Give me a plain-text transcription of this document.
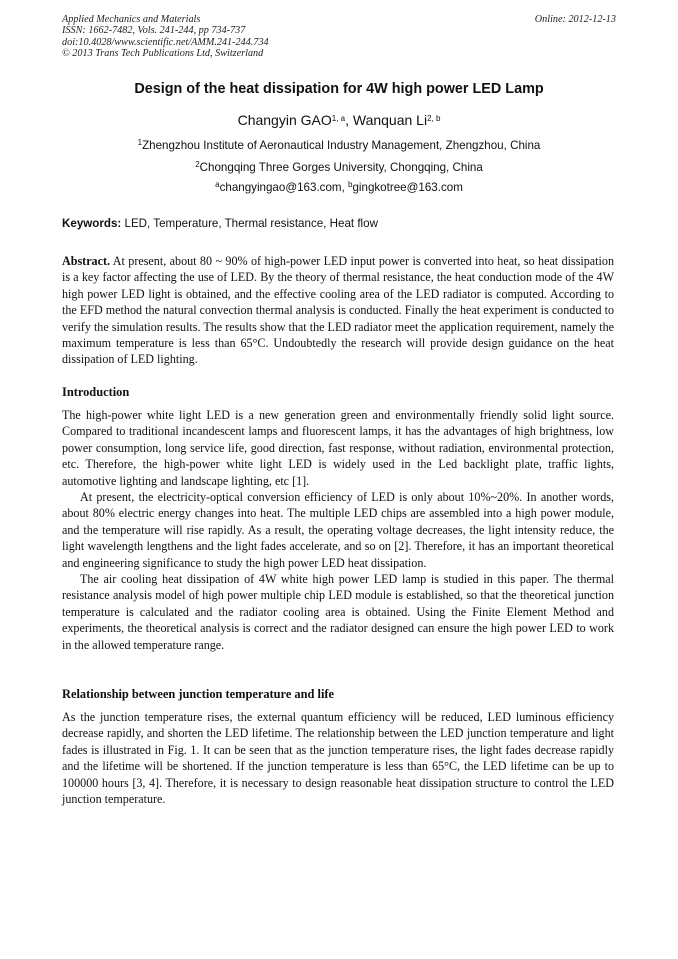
Applied Mechanics and Materials
ISSN: 1662-7482, Vols. 241-244, pp 734-737
doi:10.4028/www.scientific.net/AMM.241-244.734
© 2013 Trans Tech Publications Ltd, Switzerland
Online: 2012-12-13
Design of the heat dissipation for 4W high power LED Lamp
Changyin GAO$^{1, a}$, Wanquan Li$^{2, b}$
$^1$Zhengzhou Institute of Aeronautical Industry Management, Zhengzhou, China
$^2$Chongqing Three Gorges University, Chongqing, China
$^a$changyingao@163.com, $^b$gingkotree@163.com
Keywords: LED, Temperature, Thermal resistance, Heat flow

Abstract. At present, about 80 ~ 90% of high-power LED input power is converted into heat, so heat dissipation is a key factor affecting the use of LED. By the theory of thermal resistance, the heat conduction mode of the 4W high power LED light is obtained, and the effective cooling area of the LED radiator is computed. According to the EFD method the natural convection thermal analysis is conducted. Finally the heat experiment is conducted to verify the simulation results. The results show that the LED radiator meet the application requirement, namely the maximum temperature is less than 65°C. Undoubtedly the research will provide design guidance on the heat dissipation of LED lighting.

Introduction

The high-power white light LED is a new generation green and environmentally friendly solid light source. Compared to traditional incandescent lamps and fluorescent lamps, it has the advantages of high brightness, low power consumption, long service life, good direction, fast response, without radiation, environmental protection, etc. Therefore, the high-power white light LED is widely used in the Led backlight plate, traffic lights, automotive lighting and landscape lighting, etc [1].

At present, the electricity-optical conversion efficiency of LED is only about 10%~20%. In another words, about 80% electric energy changes into heat. The multiple LED chips are assembled into a high power module, and the temperature will rise rapidly. As a result, the operating voltage decreases, the light intensity reduce, the light wavelength lengthens and the light fades accelerate, and so on [2]. Therefore, it has an important theoretical and engineering significance to study the high power LED heat dissipation.

The air cooling heat dissipation of 4W white high power LED lamp is studied in this paper. The thermal resistance analysis model of high power multiple chip LED module is established, so that the theoretical junction temperature is calculated and the radiator cooling area is obtained. Using the Finite Element Method and experiments, the theoretical analysis is correct and the radiator designed can ensure the high power LED to work in the allowed temperature range.

Relationship between junction temperature and life

As the junction temperature rises, the external quantum efficiency will be reduced, LED luminous efficiency decrease rapidly, and shorten the LED lifetime. The relationship between the LED junction temperature and light fades is illustrated in Fig. 1. It can be seen that as the junction temperature rises, the light fades decrease rapidly and the lifetime will be shortened. If the junction temperature is less than 65°C, the LED lifetime can be up to 100000 hours [3, 4]. Therefore, it is necessary to design reasonable heat dissipation structure to control the LED junction temperature.
